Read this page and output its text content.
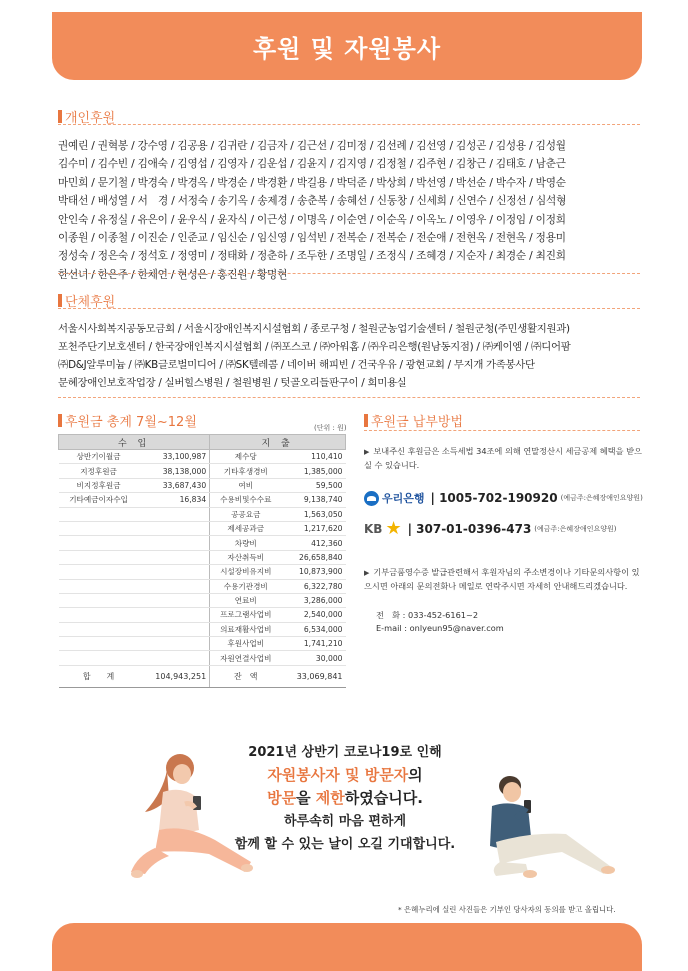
후원 및 자원봉사
개인후원
권예린 / 권혁봉 / 강수영 / 김공용 / 김귀란 / 김금자 / 김근선 / 김미정 / 김선례 / 김선영 / 김성곤 / 김성용 / 김성월
김수미 / 김수빈 / 김애숙 / 김영섭 / 김영자 / 김운섭 / 김윤지 / 김지영 / 김정철 / 김주현 / 김창근 / 김태호 / 남춘근
마민희 / 문기철 / 박경숙 / 박경옥 / 박경순 / 박경환 / 박길용 / 박덕준 / 박상희 / 박선영 / 박선순 / 박수자 / 박영순
박태선 / 배성열 / 서　경 / 서정숙 / 송기옥 / 송제경 / 송춘복 / 송혜선 / 신동창 / 신세희 / 신연수 / 신정선 / 심석형
안인숙 / 유정실 / 유은이 / 윤우식 / 윤자식 / 이근성 / 이명옥 / 이순연 / 이순옥 / 이옥노 / 이영우 / 이정임 / 이정희
이종원 / 이종철 / 이진순 / 인준교 / 임신순 / 임신영 / 임석빈 / 전복순 / 전복순 / 전순애 / 전현옥 / 전현옥 / 정용미
정성숙 / 정은숙 / 정석호 / 정영미 / 정태화 / 정춘하 / 조두한 / 조명일 / 조정식 / 조혜경 / 지순자 / 최경순 / 최진희
한선녀 / 한은주 / 한채연 / 현성은 / 홍진원 / 황명현
단체후원
서울시사회복지공동모금회 / 서울시장애인복지시설협회 / 종로구청 / 철원군농업기술센터 / 철원군청(주민생활지원과)
포천주단기보호센터 / 한국장애인복지시설협회 / ㈜포스코 / ㈜아워홈 / ㈜우리은행(원남동지점) / ㈜케이엠 / ㈜디어팜
㈜D&J알루미늄 / ㈜KB글로벌미디어 / ㈜SK텔레콤 / 네이버 해피빈 / 건국우유 / 광현교회 / 무지개 가족봉사단
문혜장애인보호작업장 / 실버힐스병원 / 철원병원 / 텃골오리들판구이 / 희미용실
후원금 총계 7월~12월	(단위 : 원)
수 입		지 출	
상반기이월금	33,100,987	제수당	110,410
지정후원금	38,138,000	기타후생경비	1,385,000
비지정후원금	33,687,430	여비	59,500
기타예금이자수입	16,834	수용비및수수료	9,138,740
		공공요금	1,563,050
		제세공과금	1,217,620
		차량비	412,360
		자산취득비	26,658,840
		시설장비유지비	10,873,900
		수용기관경비	6,322,780
		연료비	3,286,000
		프로그램사업비	2,540,000
		의료재활사업비	6,534,000
		후원사업비	1,741,210
		자원연결사업비	30,000
합　　계	104,943,251	잔　액	33,069,841
후원금 납부방법
▶ 보내주신 후원금은 소득세법 34조에 의해 연말정산시 세금공제 혜택을 받으실 수 있습니다.
우리은행 | 1005-702-190920 (예금주:은혜장애인요양원)
KB ★ | 307-01-0396-473 (예금주:은혜장애인요양원)
▶ 기부금품영수증 발급관련해서 후원자님의 주소변경이나 기타문의사항이 있으시면 아래의 문의전화나 메일로 연락주시면 자세히 안내해드리겠습니다.
전　화 : 033-452-6161~2
E-mail : onlyeun95@naver.com
2021년 상반기 코로나19로 인해
자원봉사자 및 방문자의
방문을 제한하였습니다.
하루속히 마음 편하게
함께 할 수 있는 날이 오길 기대합니다.
* 은혜누리에 실린 사진들은 기부인 당사자의 동의를 받고 올립니다.
